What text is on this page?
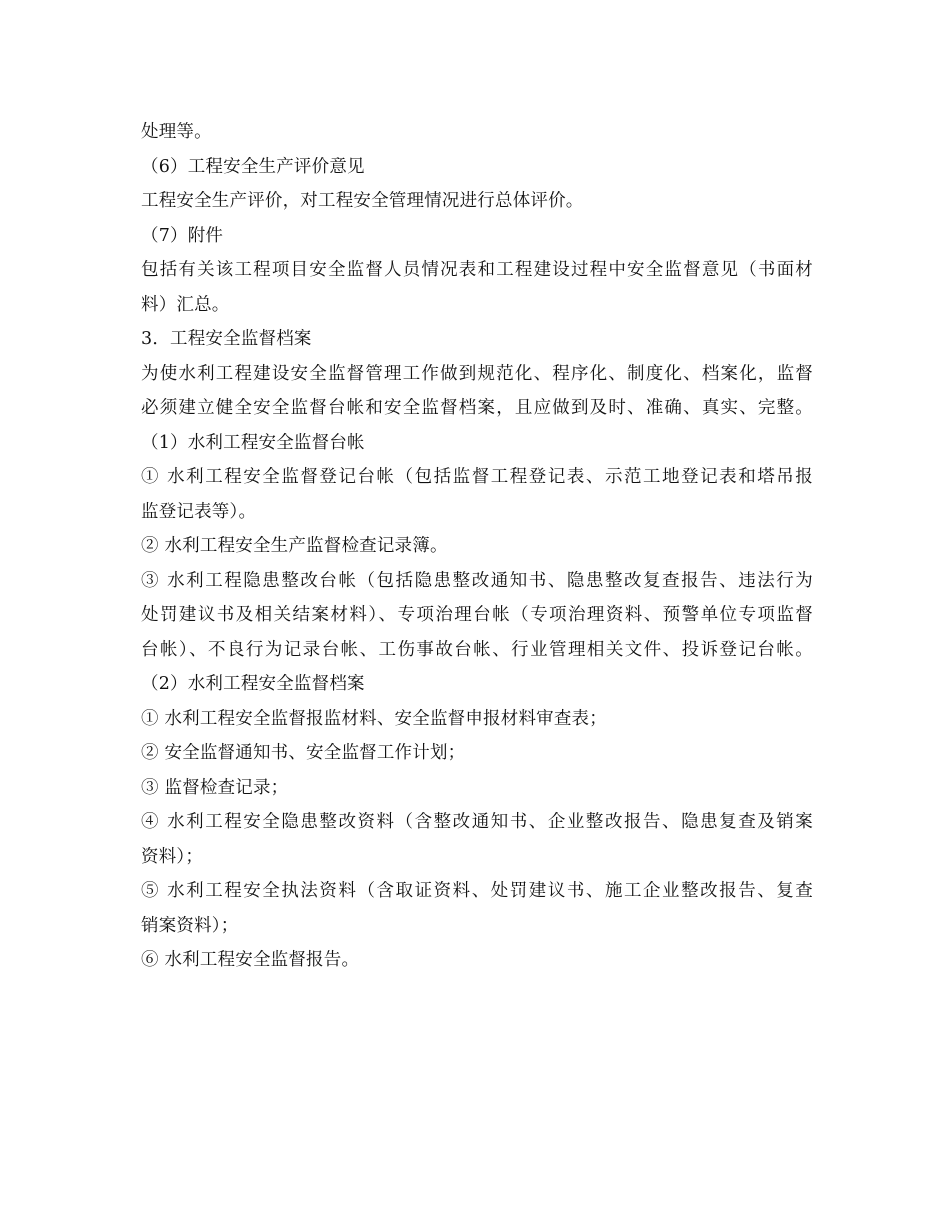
处理等。
（6）工程安全生产评价意见
工程安全生产评价，对工程安全管理情况进行总体评价。
（7）附件
包括有关该工程项目安全监督人员情况表和工程建设过程中安全监督意见（书面材
料）汇总。
3．工程安全监督档案
为使水利工程建设安全监督管理工作做到规范化、程序化、制度化、档案化，监督
必须建立健全安全监督台帐和安全监督档案，且应做到及时、准确、真实、完整。
（1）水利工程安全监督台帐
① 水利工程安全监督登记台帐（包括监督工程登记表、示范工地登记表和塔吊报
监登记表等）。
② 水利工程安全生产监督检查记录簿。
③ 水利工程隐患整改台帐（包括隐患整改通知书、隐患整改复查报告、违法行为
处罚建议书及相关结案材料）、专项治理台帐（专项治理资料、预警单位专项监督
台帐）、不良行为记录台帐、工伤事故台帐、行业管理相关文件、投诉登记台帐。
（2）水利工程安全监督档案
① 水利工程安全监督报监材料、安全监督申报材料审查表；
② 安全监督通知书、安全监督工作计划；
③ 监督检查记录；
④ 水利工程安全隐患整改资料（含整改通知书、企业整改报告、隐患复查及销案
资料）；
⑤ 水利工程安全执法资料（含取证资料、处罚建议书、施工企业整改报告、复查
销案资料）；
⑥ 水利工程安全监督报告。
